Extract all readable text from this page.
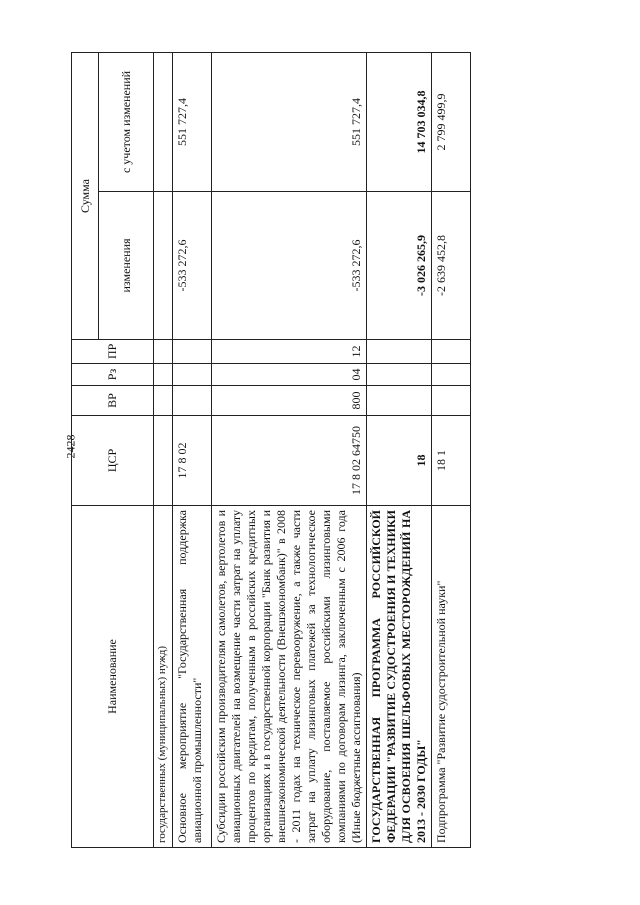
2428
Наименование	ЦСР	ВР	Рз	ПР	Сумма	
					изменения	с учетом изменений
государственных (муниципальных) нужд)						
Основное мероприятие "Государственная поддержка авиационной промышленности"	17 8 02				-533 272,6	551 727,4
Субсидии российским производителям самолетов, вертолетов и авиационных двигателей на возмещение части затрат на уплату процентов по кредитам, полученным в российских кредитных организациях и в государственной корпорации "Банк развития и внешнеэкономической деятельности (Внешэкономбанк)" в 2008 - 2011 годах на техническое перевооружение, а также части затрат на уплату лизинговых платежей за технологическое оборудование, поставляемое российскими лизинговыми компаниями по договорам лизинга, заключенным с 2006 года (Иные бюджетные ассигнования)	17 8 02 64750	800	04	12	-533 272,6	551 727,4
ГОСУДАРСТВЕННАЯ ПРОГРАММА РОССИЙСКОЙ ФЕДЕРАЦИИ "РАЗВИТИЕ СУДОСТРОЕНИЯ И ТЕХНИКИ ДЛЯ ОСВОЕНИЯ ШЕЛЬФОВЫХ МЕСТОРОЖДЕНИЙ НА 2013 - 2030 ГОДЫ"	18				-3 026 265,9	14 703 034,8
Подпрограмма "Развитие судостроительной науки"	18 1				-2 639 452,8	2 799 499,9
